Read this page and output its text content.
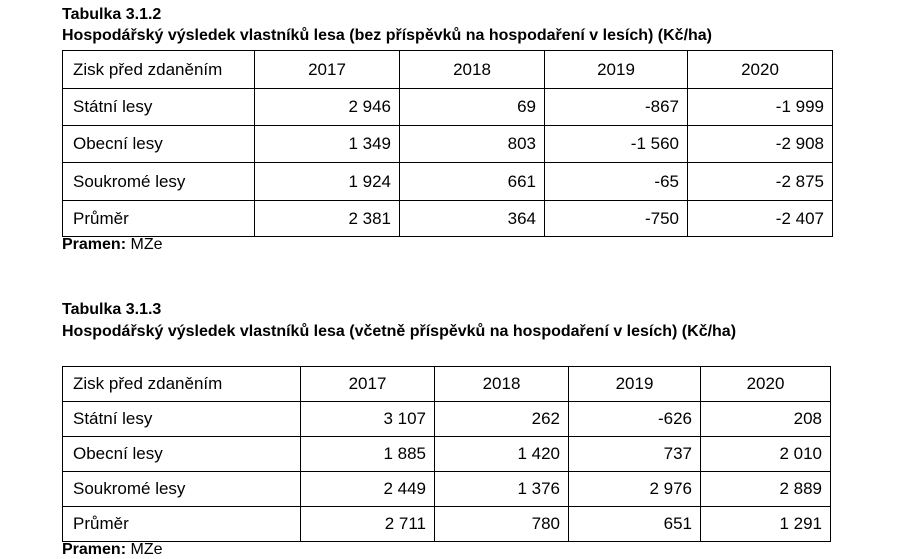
Tabulka 3.1.2
Hospodářský výsledek vlastníků lesa (bez příspěvků na hospodaření v lesích) (Kč/ha)
Zisk před zdaněním	2017	2018	2019	2020
Státní lesy	2 946	69	-867	-1 999
Obecní lesy	1 349	803	-1 560	-2 908
Soukromé lesy	1 924	661	-65	-2 875
Průměr	2 381	364	-750	-2 407
Pramen: MZe
Tabulka 3.1.3
Hospodářský výsledek vlastníků lesa (včetně příspěvků na hospodaření v lesích) (Kč/ha)
Zisk před zdaněním	2017	2018	2019	2020
Státní lesy	3 107	262	-626	208
Obecní lesy	1 885	1 420	737	2 010
Soukromé lesy	2 449	1 376	2 976	2 889
Průměr	2 711	780	651	1 291
Pramen: MZe
